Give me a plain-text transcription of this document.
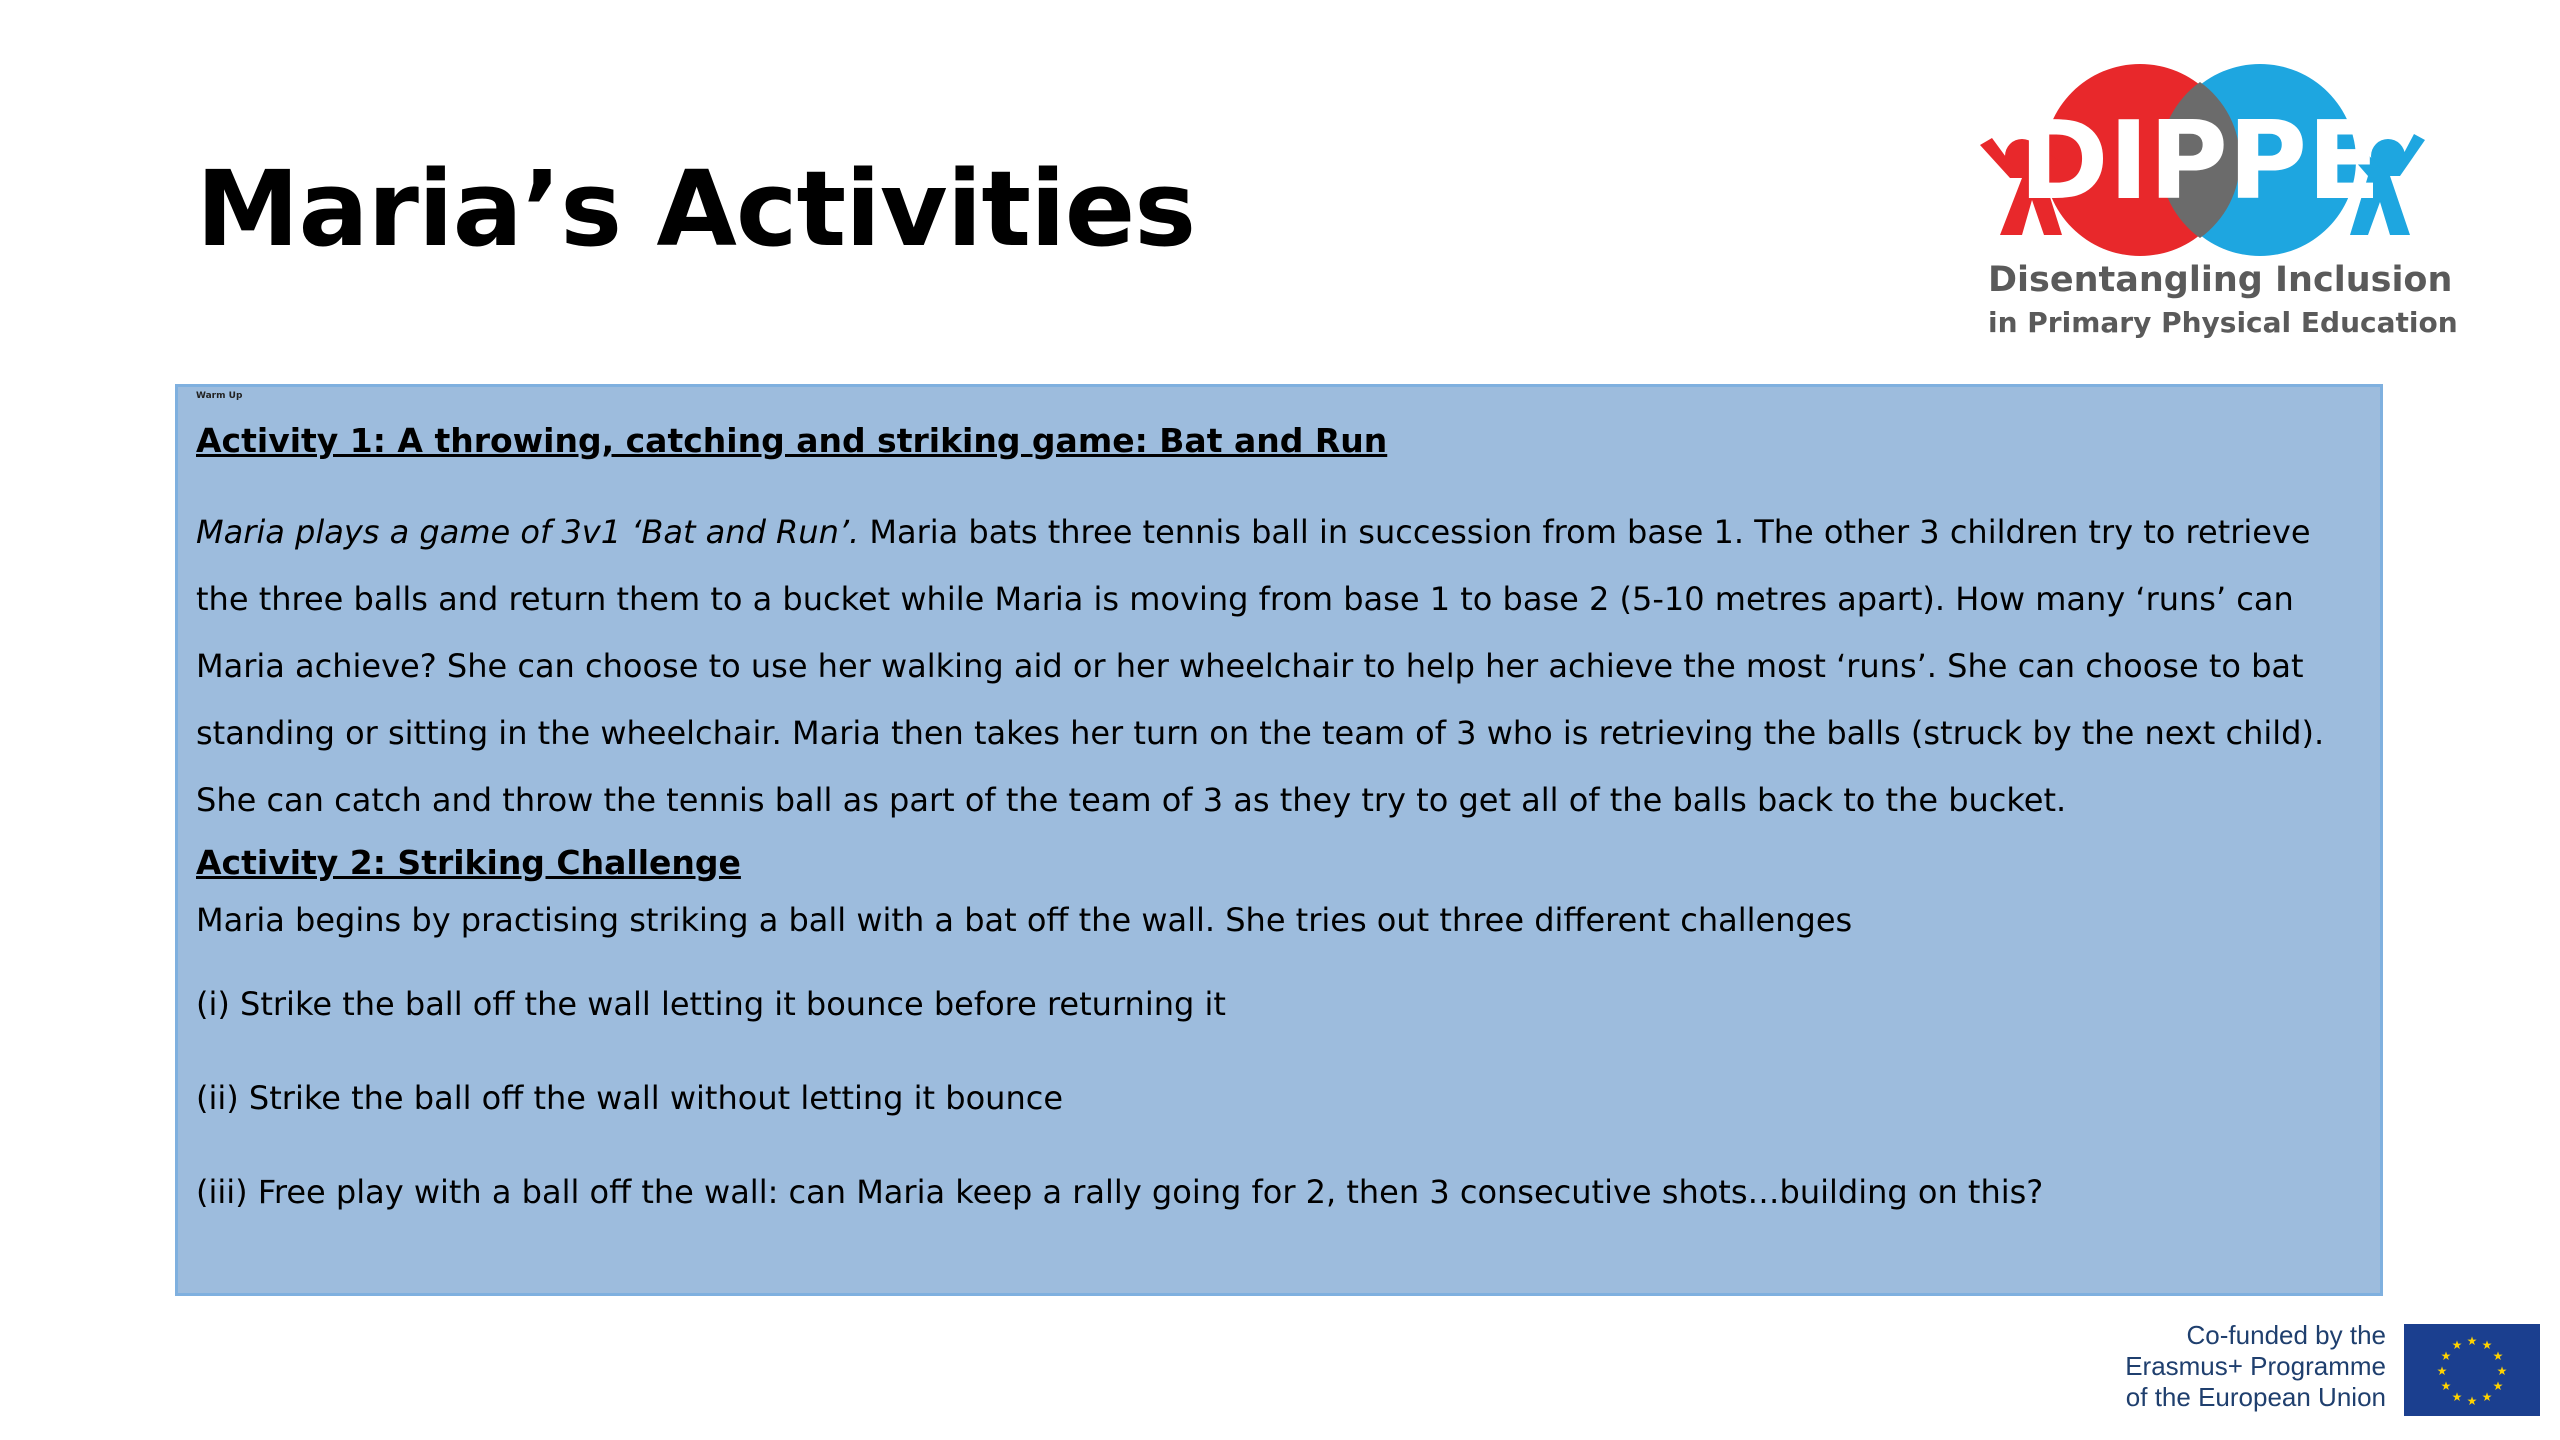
Maria’s Activities	DIPPE
Disentangling Inclusion
in Primary Physical Education
Warm Up
Activity 1: A throwing, catching and striking game: Bat and Run

Maria plays a game of 3v1 ‘Bat and Run’. Maria bats three tennis ball in succession from base 1. The other 3 children try to retrieve the three balls and return them to a bucket while Maria is moving from base 1 to base 2 (5-10 metres apart). How many ‘runs’ can Maria achieve? She can choose to use her walking aid or her wheelchair to help her achieve the most ‘runs’. She can choose to bat standing or sitting in the wheelchair. Maria then takes her turn on the team of 3 who is retrieving the balls (struck by the next child). She can catch and throw the tennis ball as part of the team of 3 as they try to get all of the balls back to the bucket.

Activity 2: Striking Challenge
Maria begins by practising striking a ball with a bat off the wall. She tries out three different challenges
(i) Strike the ball off the wall letting it bounce before returning it
(ii) Strike the ball off the wall without letting it bounce
(iii) Free play with a ball off the wall: can Maria keep a rally going for 2, then 3 consecutive shots…building on this?
Co-funded by the
Erasmus+ Programme
of the European Union
★ ★
★
★
★
★
★
★
★
★
★
★
